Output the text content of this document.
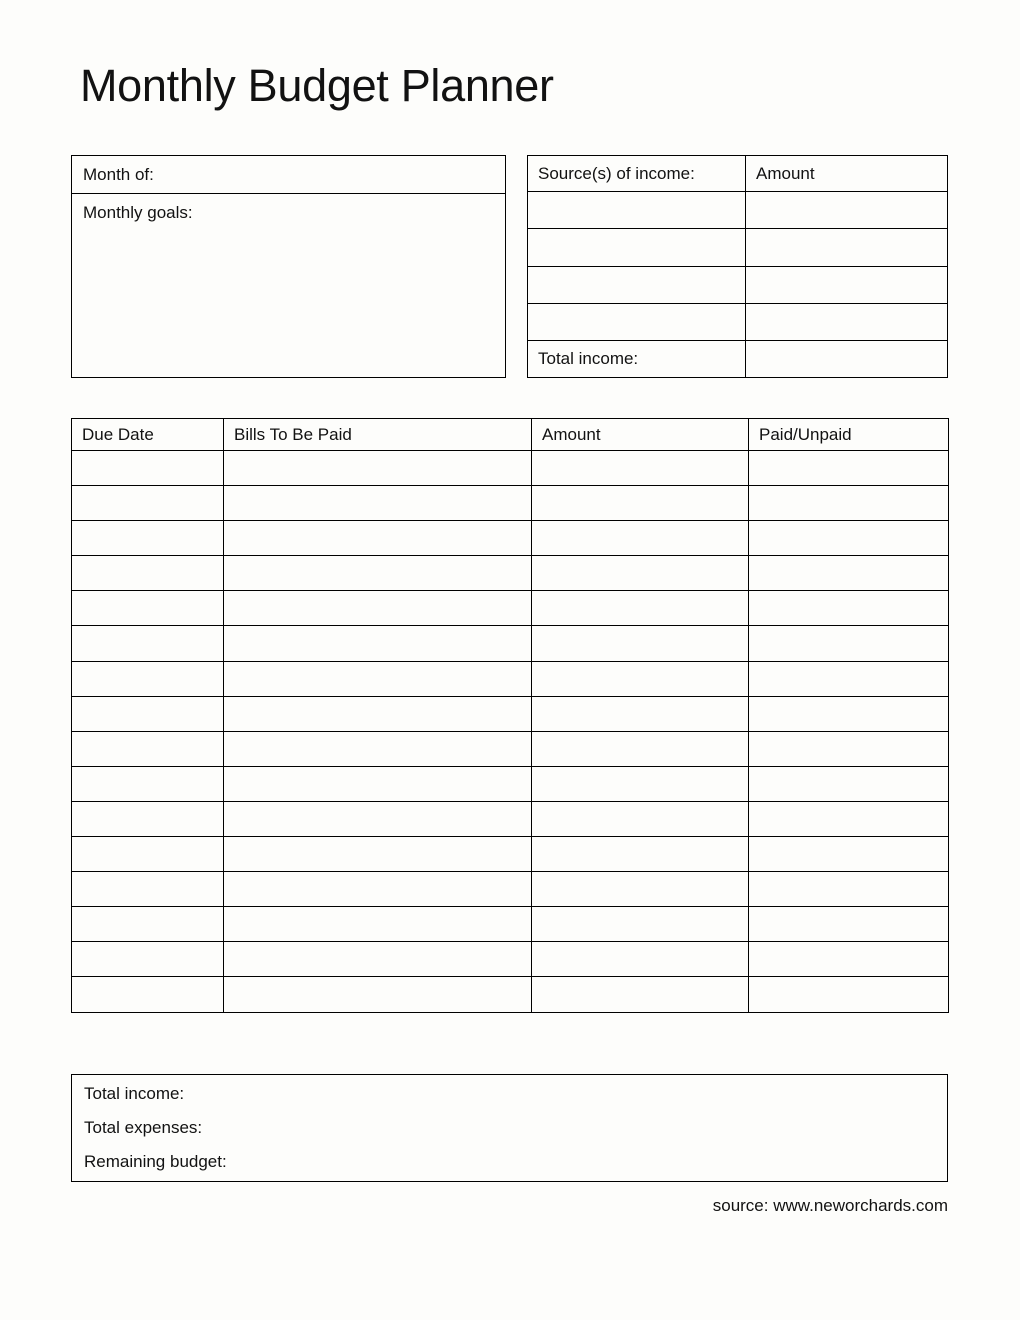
Monthly Budget Planner
Month of:
Monthly goals:
Source(s) of income:	Amount

Total income:	
Due Date	Bills To Be Paid	Amount	Paid/Unpaid

Total income:
Total expenses:
Remaining budget:
source: www.neworchards.com
